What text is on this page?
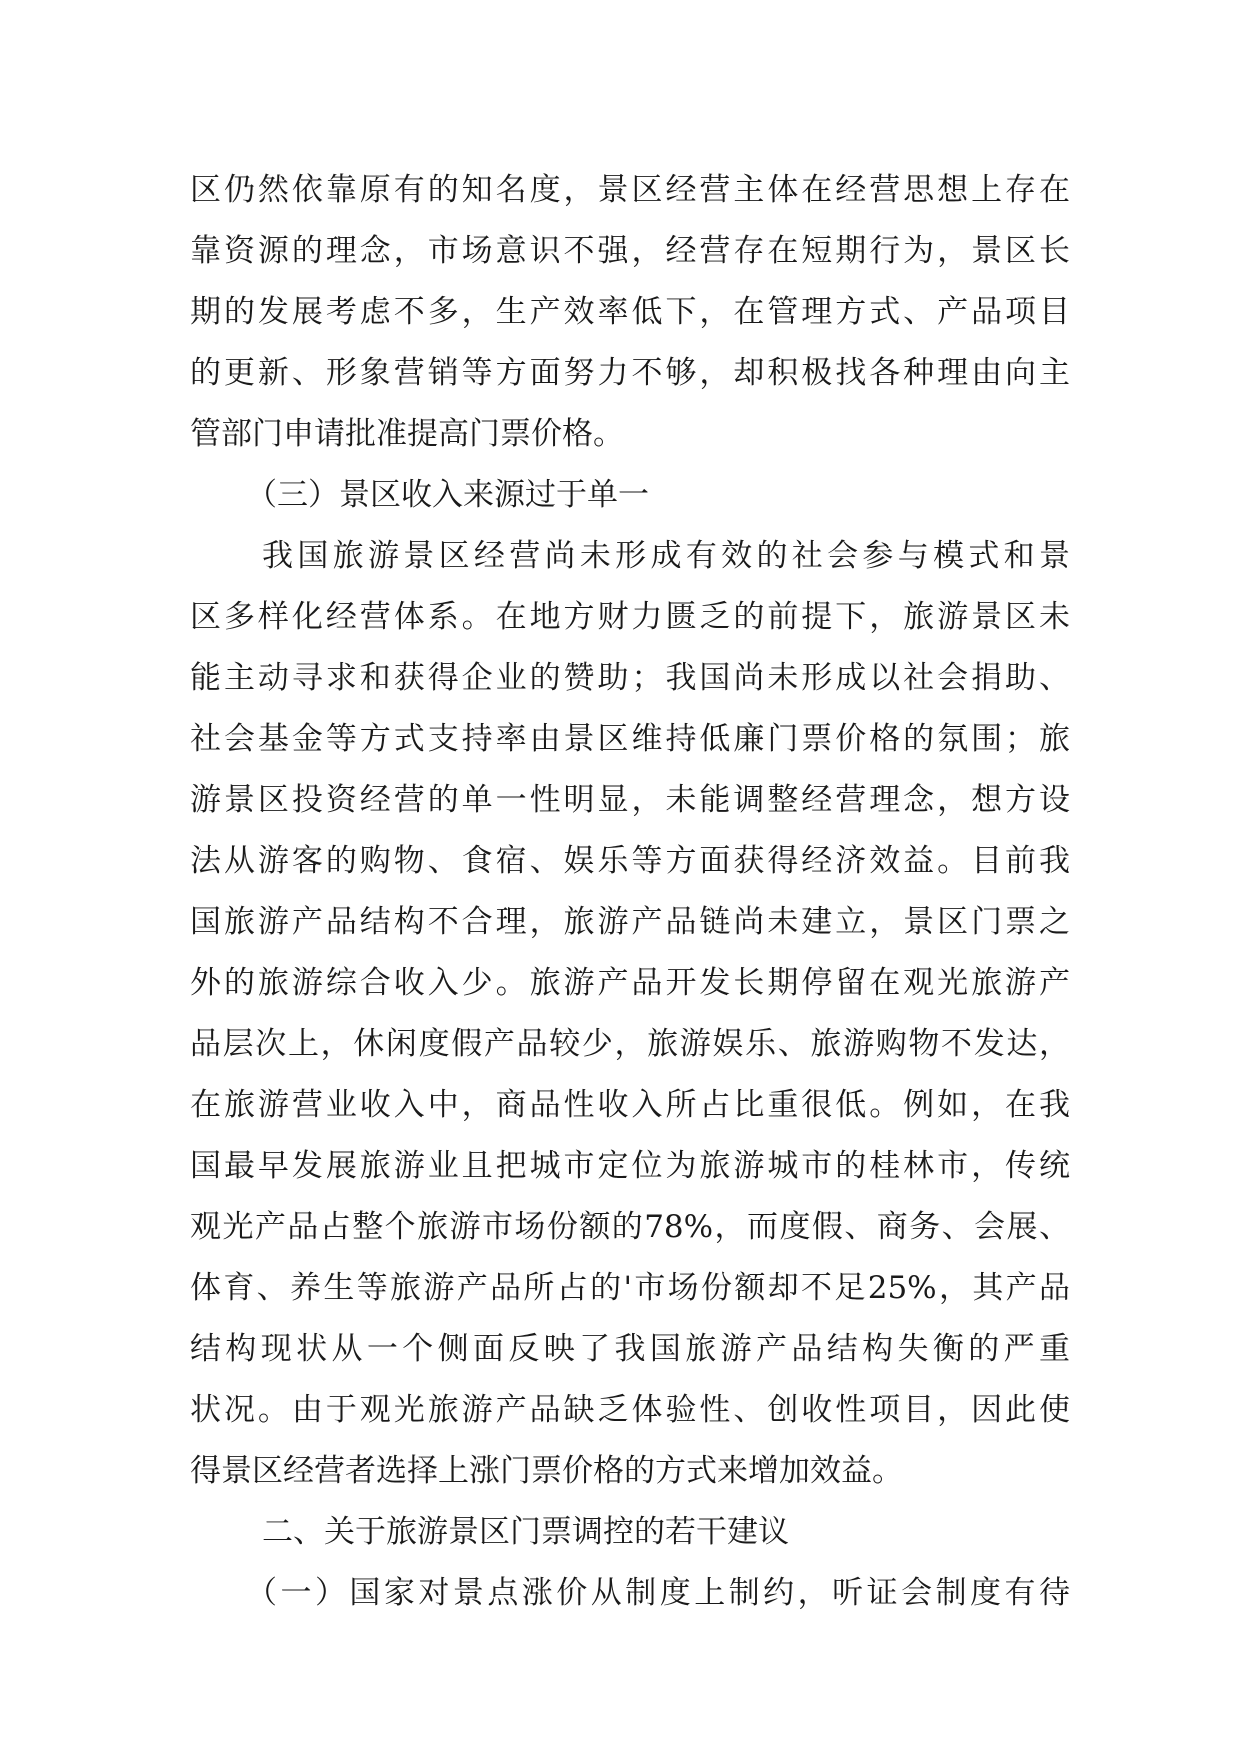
区仍然依靠原有的知名度，景区经营主体在经营思想上存在
靠资源的理念，市场意识不强，经营存在短期行为，景区长
期的发展考虑不多，生产效率低下，在管理方式、产品项目
的更新、形象营销等方面努力不够，却积极找各种理由向主
管部门申请批准提高门票价格。
（三）景区收入来源过于单一
我国旅游景区经营尚未形成有效的社会参与模式和景
区多样化经营体系。在地方财力匮乏的前提下，旅游景区未
能主动寻求和获得企业的赞助；我国尚未形成以社会捐助、
社会基金等方式支持率由景区维持低廉门票价格的氛围；旅
游景区投资经营的单一性明显，未能调整经营理念，想方设
法从游客的购物、食宿、娱乐等方面获得经济效益。目前我
国旅游产品结构不合理，旅游产品链尚未建立，景区门票之
外的旅游综合收入少。旅游产品开发长期停留在观光旅游产
品层次上，休闲度假产品较少，旅游娱乐、旅游购物不发达，
在旅游营业收入中，商品性收入所占比重很低。例如，在我
国最早发展旅游业且把城市定位为旅游城市的桂林市，传统
观光产品占整个旅游市场份额的78%，而度假、商务、会展、
体育、养生等旅游产品所占的'市场份额却不足25%，其产品
结构现状从一个侧面反映了我国旅游产品结构失衡的严重
状况。由于观光旅游产品缺乏体验性、创收性项目，因此使
得景区经营者选择上涨门票价格的方式来增加效益。
二、关于旅游景区门票调控的若干建议
（一）国家对景点涨价从制度上制约，听证会制度有待
